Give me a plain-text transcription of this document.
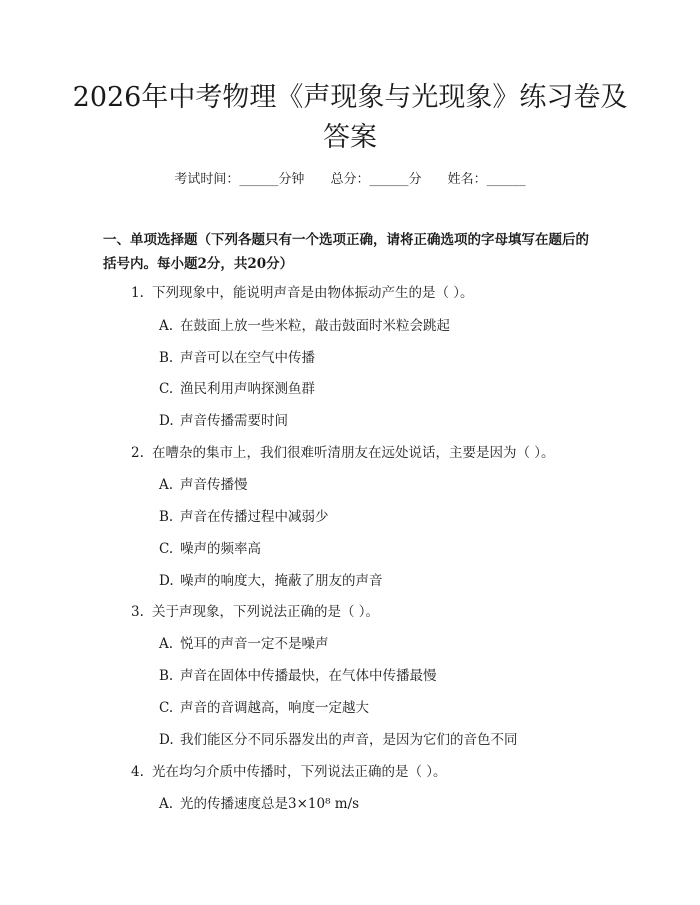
2026年中考物理《声现象与光现象》练习卷及答案
考试时间：______分钟 总分：______分 姓名：______

一、单项选择题（下列各题只有一个选项正确，请将正确选项的字母填写在题后的括号内。每小题2分，共20分）

1. 下列现象中，能说明声音是由物体振动产生的是（ ）。
A. 在鼓面上放一些米粒，敲击鼓面时米粒会跳起
B. 声音可以在空气中传播
C. 渔民利用声呐探测鱼群
D. 声音传播需要时间
2. 在嘈杂的集市上，我们很难听清朋友在远处说话，主要是因为（ ）。
A. 声音传播慢
B. 声音在传播过程中减弱少
C. 噪声的频率高
D. 噪声的响度大，掩蔽了朋友的声音
3. 关于声现象，下列说法正确的是（ ）。
A. 悦耳的声音一定不是噪声
B. 声音在固体中传播最快，在气体中传播最慢
C. 声音的音调越高，响度一定越大
D. 我们能区分不同乐器发出的声音，是因为它们的音色不同
4. 光在均匀介质中传播时，下列说法正确的是（ ）。
A. 光的传播速度总是3×10⁸ m/s
